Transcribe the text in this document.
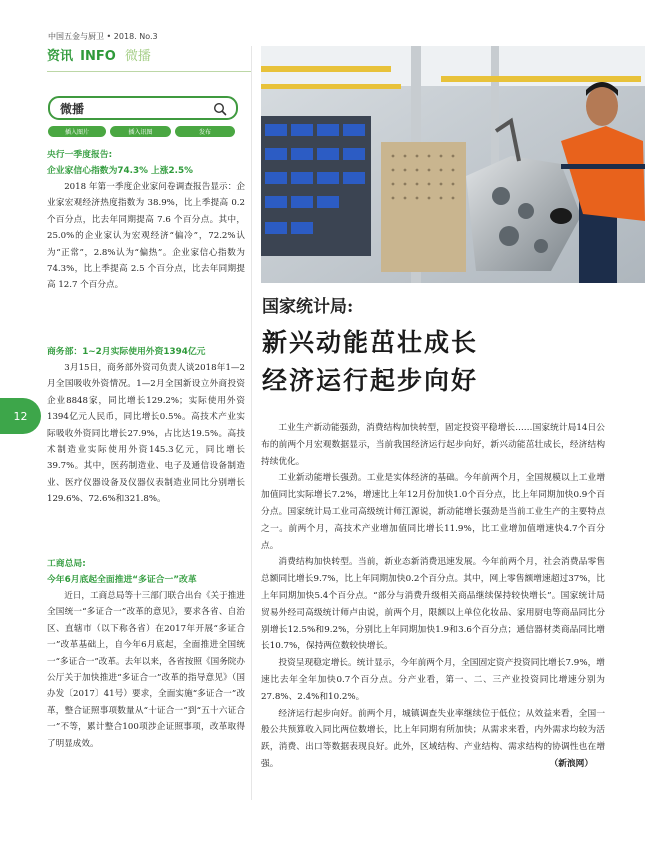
中国五金与厨卫 • 2018. No.3
资讯 INFO 微播
微播
插入图片	插入讯图	发布
央行一季度报告:
企业家信心指数为74.3% 上涨2.5%

2018 年第一季度企业家问卷调查报告显示：企业家宏观经济热度指数为 38.9%，比上季提高 0.2 个百分点，比去年同期提高 7.6 个百分点。其中，25.0%的企业家认为宏观经济“偏冷”，72.2%认为“正常”，2.8%认为“偏热”。企业家信心指数为 74.3%，比上季提高 2.5 个百分点，比去年同期提高 12.7 个百分点。

商务部：1~2月实际使用外资1394亿元

3月15日，商务部外资司负责人谈2018年1—2月全国吸收外资情况。1—2月全国新设立外商投资企业8848家，同比增长129.2%；实际使用外资1394亿元人民币，同比增长0.5%。高技术产业实际吸收外资同比增长27.9%，占比达19.5%。高技术制造业实际使用外资145.3亿元，同比增长39.7%。其中，医药制造业、电子及通信设备制造业、医疗仪器设备及仪器仪表制造业同比分别增长129.6%、72.6%和321.8%。

工商总局:
今年6月底起全面推进“多证合一”改革

近日，工商总局等十三部门联合出台《关于推进全国统一“多证合一”改革的意见》，要求各省、自治区、直辖市（以下称各省）在2017年开展“多证合一”改革基础上，自今年6月底起，全面推进全国统一“多证合一”改革。去年以来，各省按照《国务院办公厅关于加快推进“多证合一”改革的指导意见》（国办发〔2017〕41号）要求，全面实施“多证合一”改革，整合证照事项数量从“十证合一”到“五十六证合一”不等，累计整合100项涉企证照事项，改革取得了明显成效。

12
国家统计局:
新兴动能茁壮成长
经济运行起步向好

工业生产新动能强劲，消费结构加快转型，固定投资平稳增长……国家统计局14日公布的前两个月宏观数据显示，当前我国经济运行起步向好，新兴动能茁壮成长，经济结构持续优化。

工业新动能增长强劲。工业是实体经济的基础。今年前两个月，全国规模以上工业增加值同比实际增长7.2%，增速比上年12月份加快1.0个百分点，比上年同期加快0.9个百分点。国家统计局工业司高级统计师江源说，新动能增长强劲是当前工业生产的主要特点之一。前两个月，高技术产业增加值同比增长11.9%，比工业增加值增速快4.7个百分点。

消费结构加快转型。当前，新业态新消费迅速发展。今年前两个月，社会消费品零售总额同比增长9.7%，比上年同期加快0.2个百分点。其中，网上零售额增速超过37%，比上年同期加快5.4个百分点。“部分与消费升级相关商品继续保持较快增长”。国家统计局贸易外经司高级统计师卢由说，前两个月，限额以上单位化妆品、家用厨电等商品同比分别增长12.5%和9.2%，分别比上年同期加快1.9和3.6个百分点；通信器材类商品同比增长10.7%，保持两位数较快增长。

投资呈现稳定增长。统计显示，今年前两个月，全国固定资产投资同比增长7.9%，增速比去年全年加快0.7个百分点。分产业看，第一、二、三产业投资同比增速分别为27.8%、2.4%和10.2%。

经济运行起步向好。前两个月，城镇调查失业率继续位于低位；从效益来看，全国一般公共预算收入同比两位数增长，比上年同期有所加快；从需求来看，内外需求均较为活跃，消费、出口等数据表现良好。此外，区域结构、产业结构、需求结构的协调性也在增强。	（新浪网）
